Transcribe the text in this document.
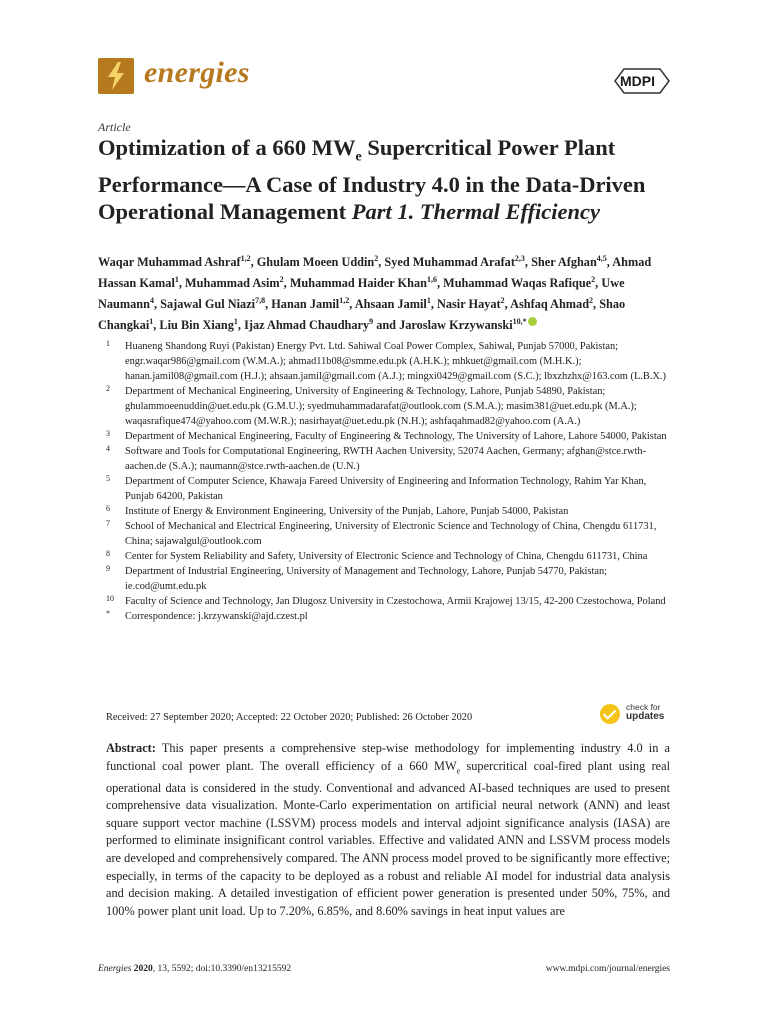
energies	MDPI
Article
Optimization of a 660 $MW_e$ Supercritical Power Plant Performance—A Case of Industry 4.0 in the Data-Driven Operational Management Part 1. Thermal Efficiency
Waqar Muhammad Ashraf$^{1,2}$, Ghulam Moeen Uddin$^2$, Syed Muhammad Arafat$^{2,3}$, Sher Afghan$^{4,5}$, Ahmad Hassan Kamal$^1$, Muhammad Asim$^2$, Muhammad Haider Khan$^{1,6}$, Muhammad Waqas Rafique$^2$, Uwe Naumann$^4$, Sajawal Gul Niazi$^{7,8}$, Hanan Jamil$^{1,2}$, Ahsaan Jamil$^1$, Nasir Hayat$^2$, Ashfaq Ahmad$^2$, Shao Changkai$^1$, Liu Bin Xiang$^1$, Ijaz Ahmad Chaudhary$^9$ and Jaroslaw Krzywanski$^{10,*}$
1 Huaneng Shandong Ruyi (Pakistan) Energy Pvt. Ltd. Sahiwal Coal Power Complex, Sahiwal, Punjab 57000, Pakistan; engr.waqar986@gmail.com (W.M.A.); ahmad11b08@smme.edu.pk (A.H.K.); mhkuet@gmail.com (M.H.K.); hanan.jamil08@gmail.com (H.J.); ahsaan.jamil@gmail.com (A.J.); mingxi0429@gmail.com (S.C.); lbxzhzhx@163.com (L.B.X.)
2 Department of Mechanical Engineering, University of Engineering & Technology, Lahore, Punjab 54890, Pakistan; ghulammoeenuddin@uet.edu.pk (G.M.U.); syedmuhammadarafat@outlook.com (S.M.A.); masim381@uet.edu.pk (M.A.); waqasrafique474@yahoo.com (M.W.R.); nasirhayat@uet.edu.pk (N.H.); ashfaqahmad82@yahoo.com (A.A.)
3 Department of Mechanical Engineering, Faculty of Engineering & Technology, The University of Lahore, Lahore 54000, Pakistan
4 Software and Tools for Computational Engineering, RWTH Aachen University, 52074 Aachen, Germany; afghan@stce.rwth-aachen.de (S.A.); naumann@stce.rwth-aachen.de (U.N.)
5 Department of Computer Science, Khawaja Fareed University of Engineering and Information Technology, Rahim Yar Khan, Punjab 64200, Pakistan
6 Institute of Energy & Environment Engineering, University of the Punjab, Lahore, Punjab 54000, Pakistan
7 School of Mechanical and Electrical Engineering, University of Electronic Science and Technology of China, Chengdu 611731, China; sajawalgul@outlook.com
8 Center for System Reliability and Safety, University of Electronic Science and Technology of China, Chengdu 611731, China
9 Department of Industrial Engineering, University of Management and Technology, Lahore, Punjab 54770, Pakistan; ie.cod@umt.edu.pk
10 Faculty of Science and Technology, Jan Dlugosz University in Czestochowa, Armii Krajowej 13/15, 42-200 Czestochowa, Poland
* Correspondence: j.krzywanski@ajd.czest.pl
Received: 27 September 2020; Accepted: 22 October 2020; Published: 26 October 2020
check for
updates
Abstract: This paper presents a comprehensive step-wise methodology for implementing industry 4.0 in a functional coal power plant. The overall efficiency of a 660 $MW_e$ supercritical coal-fired plant using real operational data is considered in the study. Conventional and advanced AI-based techniques are used to present comprehensive data visualization. Monte-Carlo experimentation on artificial neural network (ANN) and least square support vector machine (LSSVM) process models and interval adjoint significance analysis (IASA) are performed to eliminate insignificant control variables. Effective and validated ANN and LSSVM process models are developed and comprehensively compared. The ANN process model proved to be significantly more effective; especially, in terms of the capacity to be deployed as a robust and reliable AI model for industrial data analysis and decision making. A detailed investigation of efficient power generation is presented under 50%, 75%, and 100% power plant unit load. Up to 7.20%, 6.85%, and 8.60% savings in heat input values are
Energies 2020, 13, 5592; doi:10.3390/en13215592	www.mdpi.com/journal/energies
